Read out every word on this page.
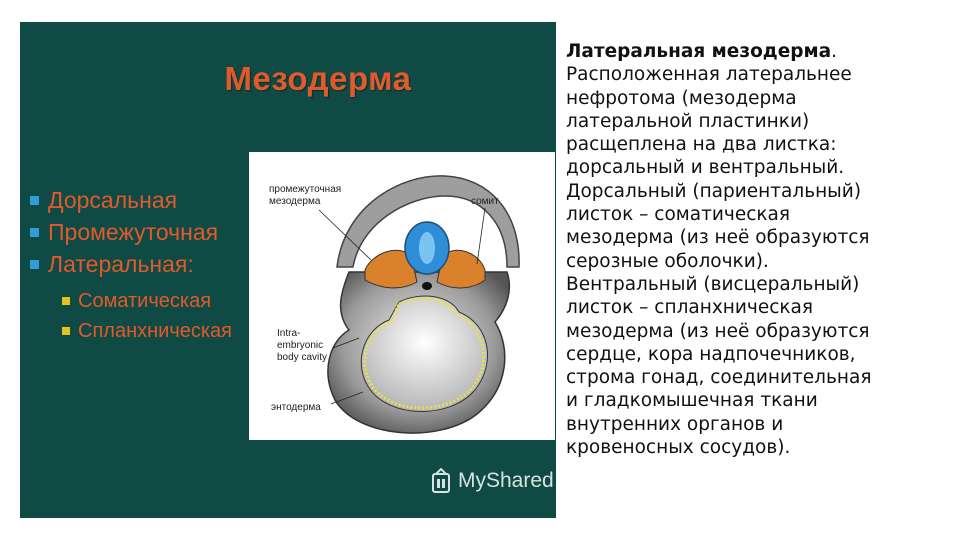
Мезодерма
Дорсальная
Промежуточная
Латеральная:
Соматическая
Спланхническая
промежуточная
мезодерма	сомит
Intra-
embryonic
body cavity
энтодерма
MyShared
Латеральная мезодерма.
Расположенная латеральнее
нефротома (мезодерма
латеральной пластинки)
расщеплена на два листка:
дорсальный и вентральный.
Дорсальный (париентальный)
листок – соматическая
мезодерма (из неё образуются
серозные оболочки).
Вентральный (висцеральный)
листок – спланхническая
мезодерма (из неё образуются
сердце, кора надпочечников,
строма гонад, соединительная
и гладкомышечная ткани
внутренних органов и
кровеносных сосудов).
